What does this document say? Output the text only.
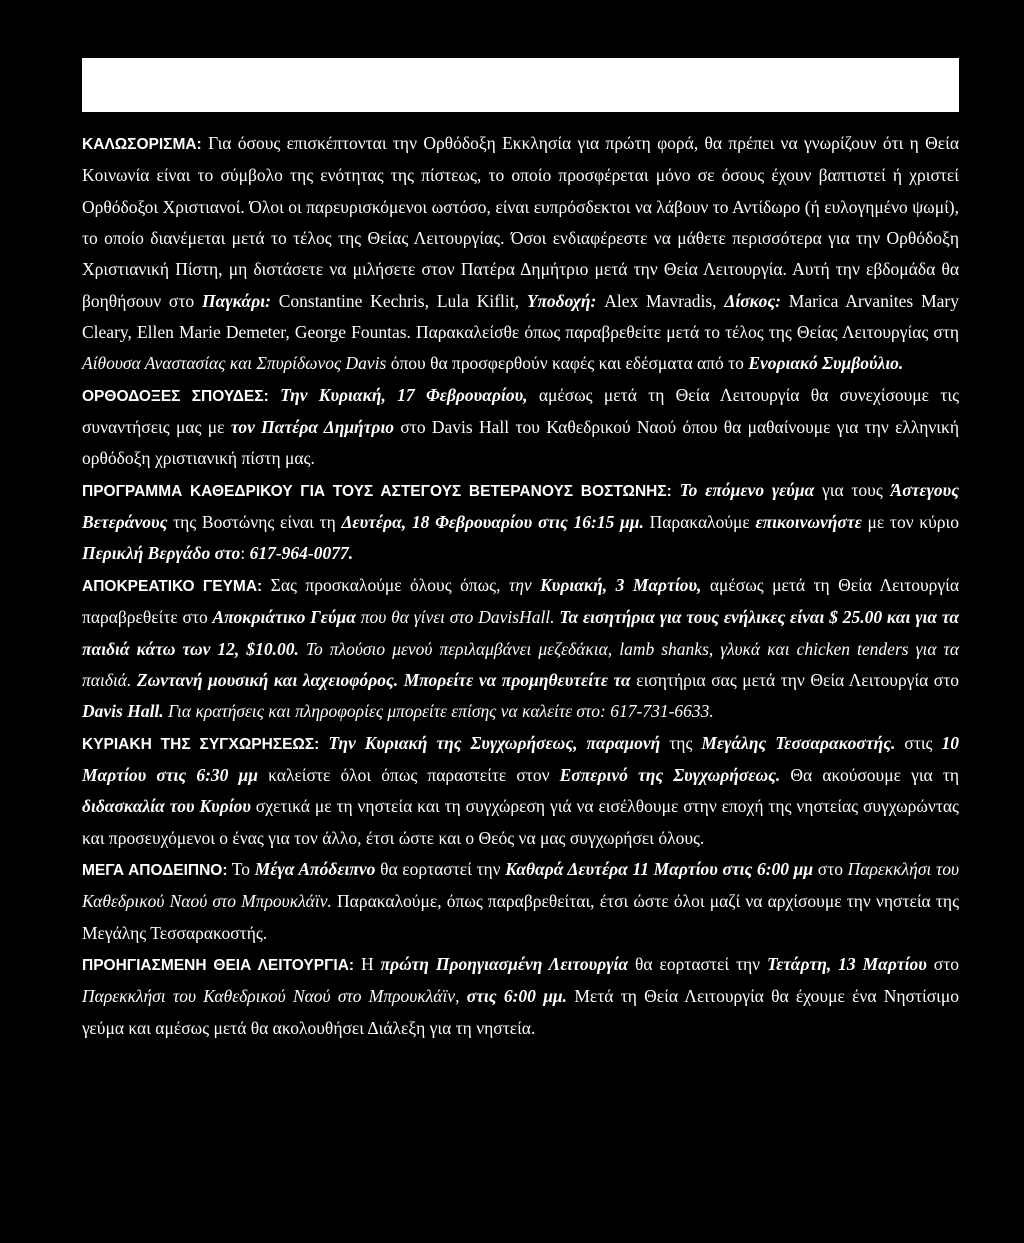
ΚΑΛΩΣΟΡΙΣΜΑ: Για όσους επισκέπτονται την Ορθόδοξη Εκκλησία για πρώτη φορά, θα πρέπει να γνωρίζουν ότι η Θεία Κοινωνία είναι το σύμβολο της ενότητας της πίστεως, το οποίο προσφέρεται μόνο σε όσους έχουν βαπτιστεί ή χριστεί Ορθόδοξοι Χριστιανοί. Όλοι οι παρευρισκόμενοι ωστόσο, είναι ευπρόσδεκτοι να λάβουν το Αντίδωρο (ή ευλογημένο ψωμί), το οποίο διανέμεται μετά το τέλος της Θείας Λειτουργίας. Όσοι ενδιαφέρεστε να μάθετε περισσότερα για την Ορθόδοξη Χριστιανική Πίστη, μη διστάσετε να μιλήσετε στον Πατέρα Δημήτριο μετά την Θεία Λειτουργία. Αυτή την εβδομάδα θα βοηθήσουν στο Παγκάρι: Constantine Kechris, Lula Kiflit, Υποδοχή: Alex Mavradis, Δίσκος: Marica Arvanites Mary Cleary, Ellen Marie Demeter, George Fountas. Παρακαλείσθε όπως παραβρεθείτε μετά το τέλος της Θείας Λειτουργίας στη Αίθουσα Αναστασίας και Σπυρίδωνος Davis όπου θα προσφερθούν καφές και εδέσματα από το Ενοριακό Συμβούλιο.

ΟΡΘΟΔΟΞΕΣ ΣΠΟΥΔΕΣ: Την Κυριακή, 17 Φεβρουαρίου, αμέσως μετά τη Θεία Λειτουργία θα συνεχίσουμε τις συναντήσεις μας με τον Πατέρα Δημήτριο στο Davis Hall του Καθεδρικού Ναού όπου θα μαθαίνουμε για την ελληνική ορθόδοξη χριστιανική πίστη μας.

ΠΡΟΓΡΑΜΜΑ ΚΑΘΕΔΡΙΚΟΥ ΓΙΑ ΤΟΥΣ ΑΣΤΕΓΟΥΣ ΒΕΤΕΡΑΝΟΥΣ ΒΟΣΤΩΝΗΣ: Το επόμενο γεύμα για τους Άστεγους Βετεράνους της Βοστώνης είναι τη Δευτέρα, 18 Φεβρουαρίου στις 16:15 μμ. Παρακαλούμε επικοινωνήστε με τον κύριο Περικλή Βεργάδο στο: 617-964-0077.

ΑΠΟΚΡΕΑΤΙΚΟ ΓΕΥΜΑ: Σας προσκαλούμε όλους όπως, την Κυριακή, 3 Μαρτίου, αμέσως μετά τη Θεία Λειτουργία παραβρεθείτε στο Αποκριάτικο Γεύμα που θα γίνει στο DavisHall. Τα εισητήρια για τους ενήλικες είναι $ 25.00 και για τα παιδιά κάτω των 12, $10.00. Το πλούσιο μενού περιλαμβάνει μεζεδάκια, lamb shanks, γλυκά και chicken tenders για τα παιδιά. Ζωντανή μουσική και λαχειοφόρος. Μπορείτε να προμηθευτείτε τα εισητήρια σας μετά την Θεία Λειτουργία στο Davis Hall. Για κρατήσεις και πληροφορίες μπορείτε επίσης να καλείτε στο: 617-731-6633.

ΚΥΡΙΑΚΗ ΤΗΣ ΣΥΓΧΩΡΗΣΕΩΣ: Την Κυριακή της Συγχωρήσεως, παραμονή της Μεγάλης Τεσσαρακοστής. στις 10 Μαρτίου στις 6:30 μμ καλείστε όλοι όπως παραστείτε στον Εσπερινό της Συγχωρήσεως. Θα ακούσουμε για τη διδασκαλία του Κυρίου σχετικά με τη νηστεία και τη συγχώρεση γιά να εισέλθουμε στην εποχή της νηστείας συγχωρώντας και προσευχόμενοι ο ένας για τον άλλο, έτσι ώστε και ο Θεός να μας συγχωρήσει όλους.

ΜΕΓΑ ΑΠΟΔΕΙΠΝΟ: Το Μέγα Απόδειπνο θα εορταστεί την Καθαρά Δευτέρα 11 Μαρτίου στις 6:00 μμ στο Παρεκκλήσι του Καθεδρικού Ναού στο Μπρουκλάϊν. Παρακαλούμε, όπως παραβρεθείται, έτσι ώστε όλοι μαζί να αρχίσουμε την νηστεία της Μεγάλης Τεσσαρακοστής.

ΠΡΟΗΓΙΑΣΜΕΝΗ ΘΕΙΑ ΛΕΙΤΟΥΡΓΙΑ: Η πρώτη Προηγιασμένη Λειτουργία θα εορταστεί την Τετάρτη, 13 Μαρτίου στο Παρεκκλήσι του Καθεδρικού Ναού στο Μπρουκλάϊν, στις 6:00 μμ. Μετά τη Θεία Λειτουργία θα έχουμε ένα Νηστίσιμο γεύμα και αμέσως μετά θα ακολουθήσει Διάλεξη για τη νηστεία.
